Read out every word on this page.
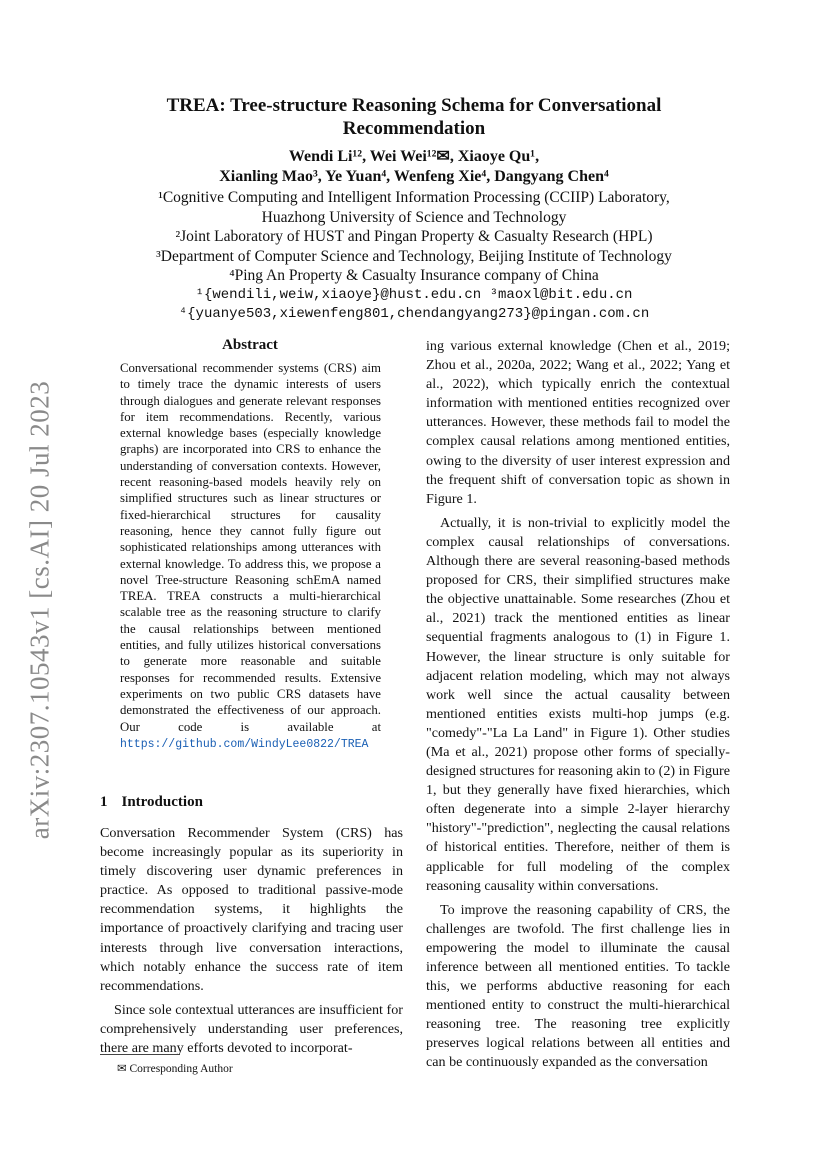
arXiv:2307.10543v1 [cs.AI] 20 Jul 2023
TREA: Tree-structure Reasoning Schema for Conversational Recommendation
Wendi Li¹², Wei Wei¹²✉, Xiaoye Qu¹,
Xianling Mao³, Ye Yuan⁴, Wenfeng Xie⁴, Dangyang Chen⁴
¹Cognitive Computing and Intelligent Information Processing (CCIIP) Laboratory,
Huazhong University of Science and Technology
²Joint Laboratory of HUST and Pingan Property & Casualty Research (HPL)
³Department of Computer Science and Technology, Beijing Institute of Technology
⁴Ping An Property & Casualty Insurance company of China
¹{wendili,weiw,xiaoye}@hust.edu.cn ³maoxl@bit.edu.cn
⁴{yuanye503,xiewenfeng801,chendangyang273}@pingan.com.cn
Abstract
Conversational recommender systems (CRS) aim to timely trace the dynamic interests of users through dialogues and generate relevant responses for item recommendations. Recently, various external knowledge bases (especially knowledge graphs) are incorporated into CRS to enhance the understanding of conversation contexts. However, recent reasoning-based models heavily rely on simplified structures such as linear structures or fixed-hierarchical structures for causality reasoning, hence they cannot fully figure out sophisticated relationships among utterances with external knowledge. To address this, we propose a novel Tree-structure Reasoning schEmA named TREA. TREA constructs a multi-hierarchical scalable tree as the reasoning structure to clarify the causal relationships between mentioned entities, and fully utilizes historical conversations to generate more reasonable and suitable responses for recommended results. Extensive experiments on two public CRS datasets have demonstrated the effectiveness of our approach. Our code is available at https://github.com/WindyLee0822/TREA
1 Introduction

Conversation Recommender System (CRS) has become increasingly popular as its superiority in timely discovering user dynamic preferences in practice. As opposed to traditional passive-mode recommendation systems, it highlights the importance of proactively clarifying and tracing user interests through live conversation interactions, which notably enhance the success rate of item recommendations.

Since sole contextual utterances are insufficient for comprehensively understanding user preferences, there are many efforts devoted to incorporat-

✉ Corresponding Author

ing various external knowledge (Chen et al., 2019; Zhou et al., 2020a, 2022; Wang et al., 2022; Yang et al., 2022), which typically enrich the contextual information with mentioned entities recognized over utterances. However, these methods fail to model the complex causal relations among mentioned entities, owing to the diversity of user interest expression and the frequent shift of conversation topic as shown in Figure 1.

Actually, it is non-trivial to explicitly model the complex causal relationships of conversations. Although there are several reasoning-based methods proposed for CRS, their simplified structures make the objective unattainable. Some researches (Zhou et al., 2021) track the mentioned entities as linear sequential fragments analogous to (1) in Figure 1. However, the linear structure is only suitable for adjacent relation modeling, which may not always work well since the actual causality between mentioned entities exists multi-hop jumps (e.g. "comedy"-"La La Land" in Figure 1). Other studies (Ma et al., 2021) propose other forms of specially-designed structures for reasoning akin to (2) in Figure 1, but they generally have fixed hierarchies, which often degenerate into a simple 2-layer hierarchy "history"-"prediction", neglecting the causal relations of historical entities. Therefore, neither of them is applicable for full modeling of the complex reasoning causality within conversations.

To improve the reasoning capability of CRS, the challenges are twofold. The first challenge lies in empowering the model to illuminate the causal inference between all mentioned entities. To tackle this, we performs abductive reasoning for each mentioned entity to construct the multi-hierarchical reasoning tree. The reasoning tree explicitly preserves logical relations between all entities and can be continuously expanded as the conversation
